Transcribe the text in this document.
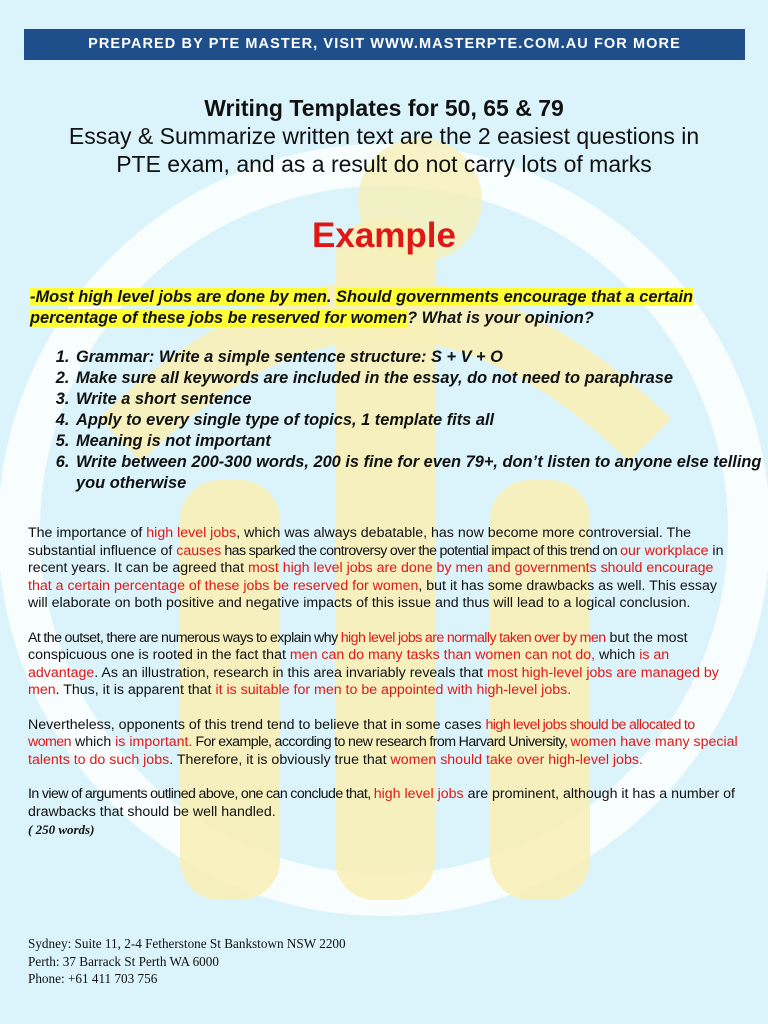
PREPARED BY PTE MASTER, VISIT WWW.MASTERPTE.COM.AU FOR MORE
Writing Templates for 50, 65 & 79
Essay & Summarize written text are the 2 easiest questions in
PTE exam, and as a result do not carry lots of marks
Example
-Most high level jobs are done by men. Should governments encourage that a certain percentage of these jobs be reserved for women? What is your opinion?
1. Grammar: Write a simple sentence structure: S + V + O
2. Make sure all keywords are included in the essay, do not need to paraphrase
3. Write a short sentence
4. Apply to every single type of topics, 1 template fits all
5. Meaning is not important
6. Write between 200-300 words, 200 is fine for even 79+, don’t listen to anyone else telling you otherwise

The importance of high level jobs, which was always debatable, has now become more controversial. The substantial influence of causes has sparked the controversy over the potential impact of this trend on our workplace in recent years. It can be agreed that most high level jobs are done by men and governments should encourage that a certain percentage of these jobs be reserved for women, but it has some drawbacks as well. This essay will elaborate on both positive and negative impacts of this issue and thus will lead to a logical conclusion.

At the outset, there are numerous ways to explain why high level jobs are normally taken over by men but the most conspicuous one is rooted in the fact that men can do many tasks than women can not do, which is an advantage. As an illustration, research in this area invariably reveals that most high-level jobs are managed by men. Thus, it is apparent that it is suitable for men to be appointed with high-level jobs.

Nevertheless, opponents of this trend tend to believe that in some cases high level jobs should be allocated to women which is important. For example, according to new research from Harvard University, women have many special talents to do such jobs. Therefore, it is obviously true that women should take over high-level jobs.

In view of arguments outlined above, one can conclude that, high level jobs are prominent, although it has a number of drawbacks that should be well handled.
( 250 words)

Sydney: Suite 11, 2-4 Fetherstone St Bankstown NSW 2200
Perth: 37 Barrack St Perth WA 6000
Phone: +61 411 703 756
